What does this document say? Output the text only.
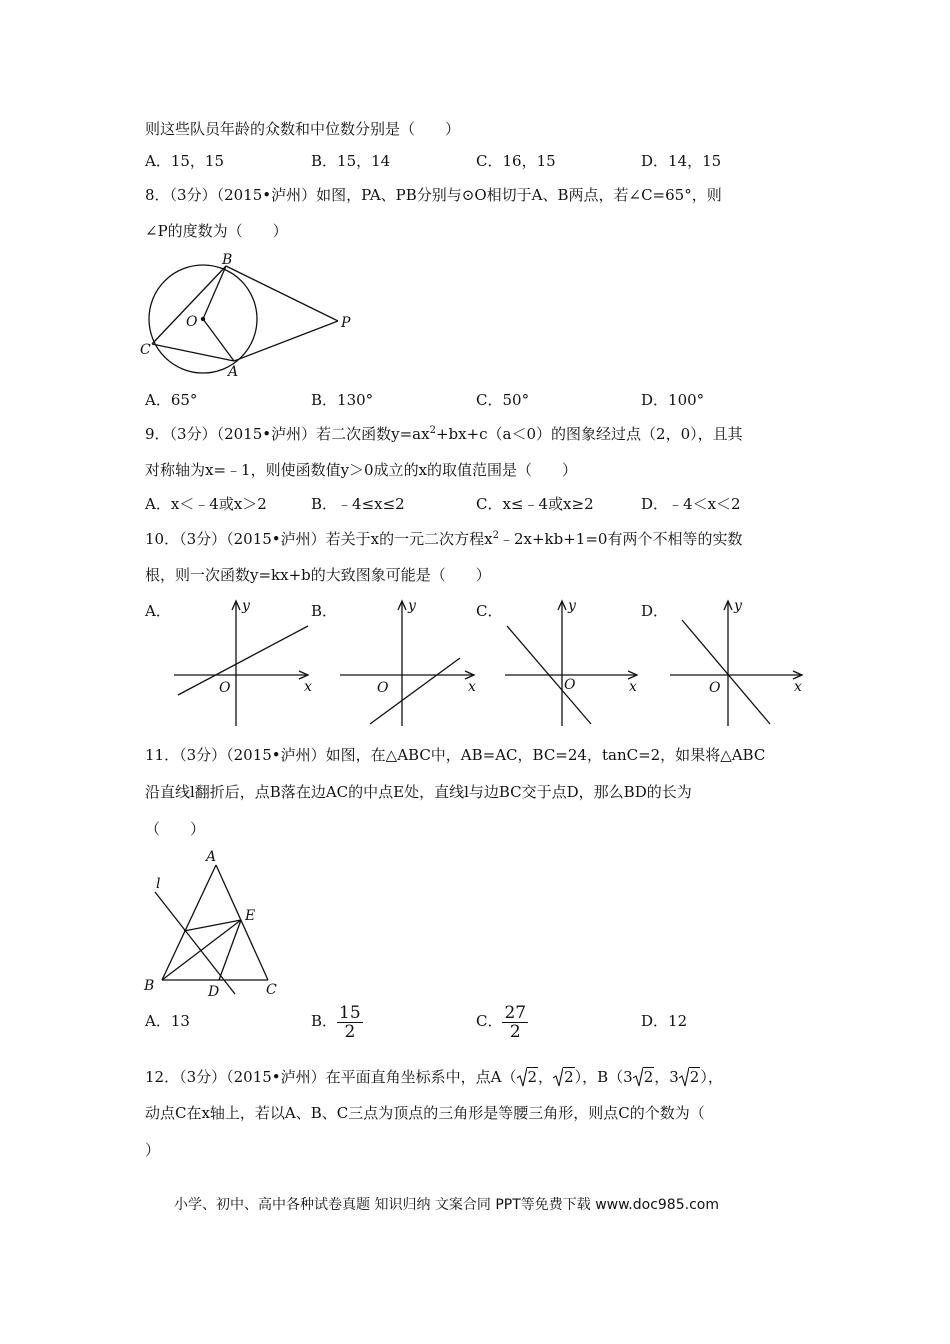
则这些队员年龄的众数和中位数分别是（　　）
A．15，15	B．15，14	C．16，15	D．14，15
8．（3分）（2015•泸州）如图，PA、PB分别与⊙O相切于A、B两点，若∠C=65°，则
∠P的度数为（　　）
B
O
C
A
P
A．65°	B．130°	C．50°	D．100°
9．（3分）（2015•泸州）若二次函数$y=ax^2+bx+c(a<0)$的图象经过点（2，0），且其
对称轴为x=﹣1，则使函数值y＞0成立的x的取值范围是（　　）
A．x＜﹣4或x＞2	B．﹣4≤x≤2	C．x≤﹣4或x≥2	D．﹣4＜x＜2
10．（3分）（2015•泸州）若关于x的一元二次方程$x^2﹣2x+kb+1=0$有两个不相等的实数
根，则一次函数y=kx+b的大致图象可能是（　　）
A．	B．	C．	D．
y
x
O
y
x
O
y
x
O
y
x
O
11．（3分）（2015•泸州）如图，在△ABC中，AB=AC，BC=24，tanC=2，如果将△ABC
沿直线l翻折后，点B落在边AC的中点E处，直线l与边BC交于点D，那么BD的长为
（　　）
A
l
E
B	D	C
A．13	B． $\frac{15}{2}$	C． $\frac{27}{2}$	D．12
12．（3分）（2015•泸州）在平面直角坐标系中，点A（ 2， 2），B（3 2，3 2），
动点C在x轴上，若以A、B、C三点为顶点的三角形是等腰三角形，则点C的个数为（
）
小学、初中、高中各种试卷真题 知识归纳 文案合同 PPT等免费下载 www.doc985.com
